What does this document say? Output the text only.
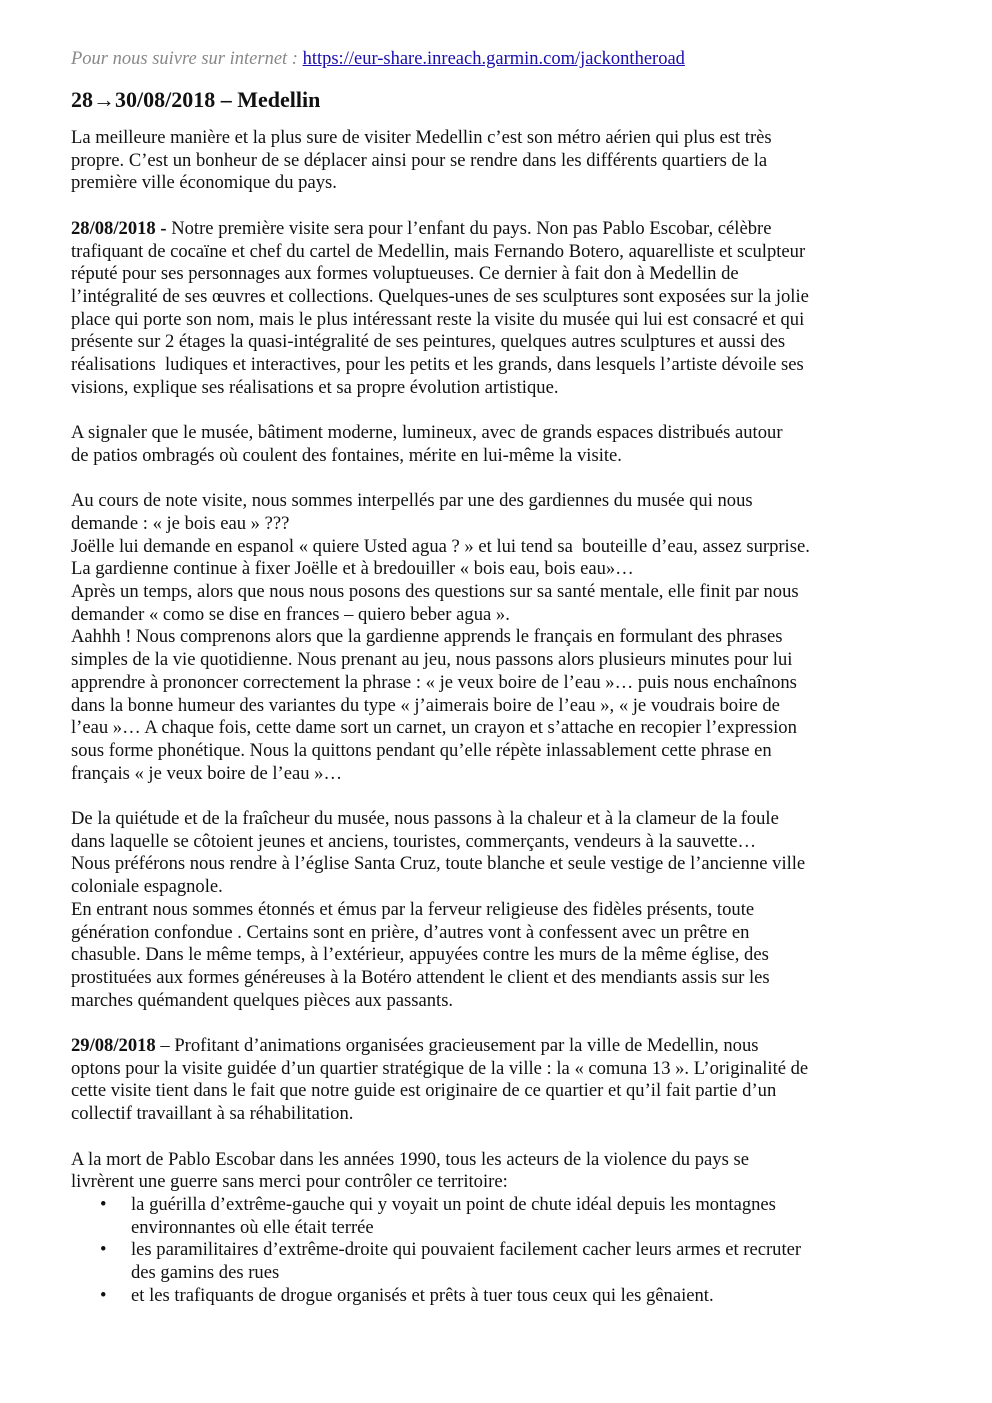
Pour nous suivre sur internet : https://eur-share.inreach.garmin.com/jackontheroad
28→30/08/2018 – Medellin
La meilleure manière et la plus sure de visiter Medellin c’est son métro aérien qui plus est très
propre. C’est un bonheur de se déplacer ainsi pour se rendre dans les différents quartiers de la
première ville économique du pays.
28/08/2018 - Notre première visite sera pour l’enfant du pays. Non pas Pablo Escobar, célèbre
trafiquant de cocaïne et chef du cartel de Medellin, mais Fernando Botero, aquarelliste et sculpteur
réputé pour ses personnages aux formes voluptueuses. Ce dernier à fait don à Medellin de
l’intégralité de ses œuvres et collections. Quelques-unes de ses sculptures sont exposées sur la jolie
place qui porte son nom, mais le plus intéressant reste la visite du musée qui lui est consacré et qui
présente sur 2 étages la quasi-intégralité de ses peintures, quelques autres sculptures et aussi des
réalisations  ludiques et interactives, pour les petits et les grands, dans lesquels l’artiste dévoile ses
visions, explique ses réalisations et sa propre évolution artistique.
A signaler que le musée, bâtiment moderne, lumineux, avec de grands espaces distribués autour
de patios ombragés où coulent des fontaines, mérite en lui-même la visite.
Au cours de note visite, nous sommes interpellés par une des gardiennes du musée qui nous
demande : « je bois eau » ???
Joëlle lui demande en espanol « quiere Usted agua ? » et lui tend sa  bouteille d’eau, assez surprise.
La gardienne continue à fixer Joëlle et à bredouiller « bois eau, bois eau»…
Après un temps, alors que nous nous posons des questions sur sa santé mentale, elle finit par nous
demander « como se dise en frances – quiero beber agua ».
Aahhh ! Nous comprenons alors que la gardienne apprends le français en formulant des phrases
simples de la vie quotidienne. Nous prenant au jeu, nous passons alors plusieurs minutes pour lui
apprendre à prononcer correctement la phrase : « je veux boire de l’eau »… puis nous enchaînons
dans la bonne humeur des variantes du type « j’aimerais boire de l’eau », « je voudrais boire de
l’eau »… A chaque fois, cette dame sort un carnet, un crayon et s’attache en recopier l’expression
sous forme phonétique. Nous la quittons pendant qu’elle répète inlassablement cette phrase en
français « je veux boire de l’eau »…
De la quiétude et de la fraîcheur du musée, nous passons à la chaleur et à la clameur de la foule
dans laquelle se côtoient jeunes et anciens, touristes, commerçants, vendeurs à la sauvette…
Nous préférons nous rendre à l’église Santa Cruz, toute blanche et seule vestige de l’ancienne ville
coloniale espagnole.
En entrant nous sommes étonnés et émus par la ferveur religieuse des fidèles présents, toute
génération confondue . Certains sont en prière, d’autres vont à confessent avec un prêtre en
chasuble. Dans le même temps, à l’extérieur, appuyées contre les murs de la même église, des
prostituées aux formes généreuses à la Botéro attendent le client et des mendiants assis sur les
marches quémandent quelques pièces aux passants.
29/08/2018 – Profitant d’animations organisées gracieusement par la ville de Medellin, nous
optons pour la visite guidée d’un quartier stratégique de la ville : la « comuna 13 ». L’originalité de
cette visite tient dans le fait que notre guide est originaire de ce quartier et qu’il fait partie d’un
collectif travaillant à sa réhabilitation.
A la mort de Pablo Escobar dans les années 1990, tous les acteurs de la violence du pays se
livrèrent une guerre sans merci pour contrôler ce territoire:
• la guérilla d’extrême-gauche qui y voyait un point de chute idéal depuis les montagnes
environnantes où elle était terrée
• les paramilitaires d’extrême-droite qui pouvaient facilement cacher leurs armes et recruter
des gamins des rues
• et les trafiquants de drogue organisés et prêts à tuer tous ceux qui les gênaient.
